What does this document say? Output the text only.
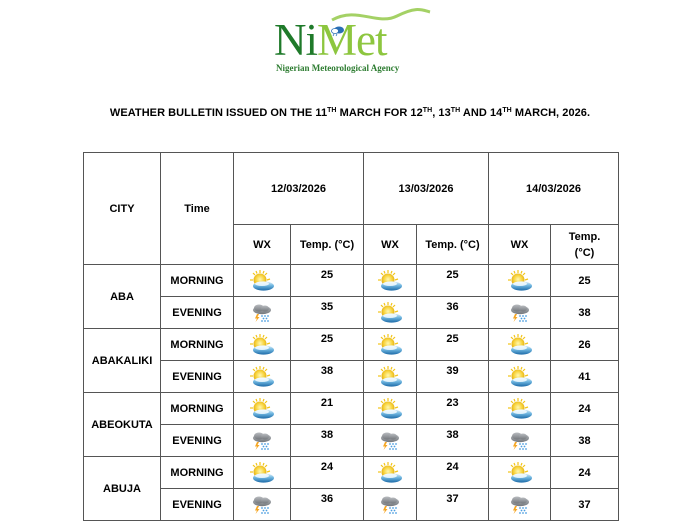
NiMet
Nigerian Meteorological Agency
WEATHER BULLETIN ISSUED ON THE 11TH MARCH FOR 12TH, 13TH AND 14TH MARCH, 2026.
CITY	Time	12/03/2026		13/03/2026		14/03/2026	
		WX	Temp. (°C)	WX	Temp. (°C)	WX	Temp.
(°C)
ABA	MORNING		25		25		25
	EVENING		35		36		38
ABAKALIKI	MORNING		25		25		26
	EVENING		38		39		41
ABEOKUTA	MORNING		21		23		24
	EVENING		38		38		38
ABUJA	MORNING		24		24		24
	EVENING		36		37		37
